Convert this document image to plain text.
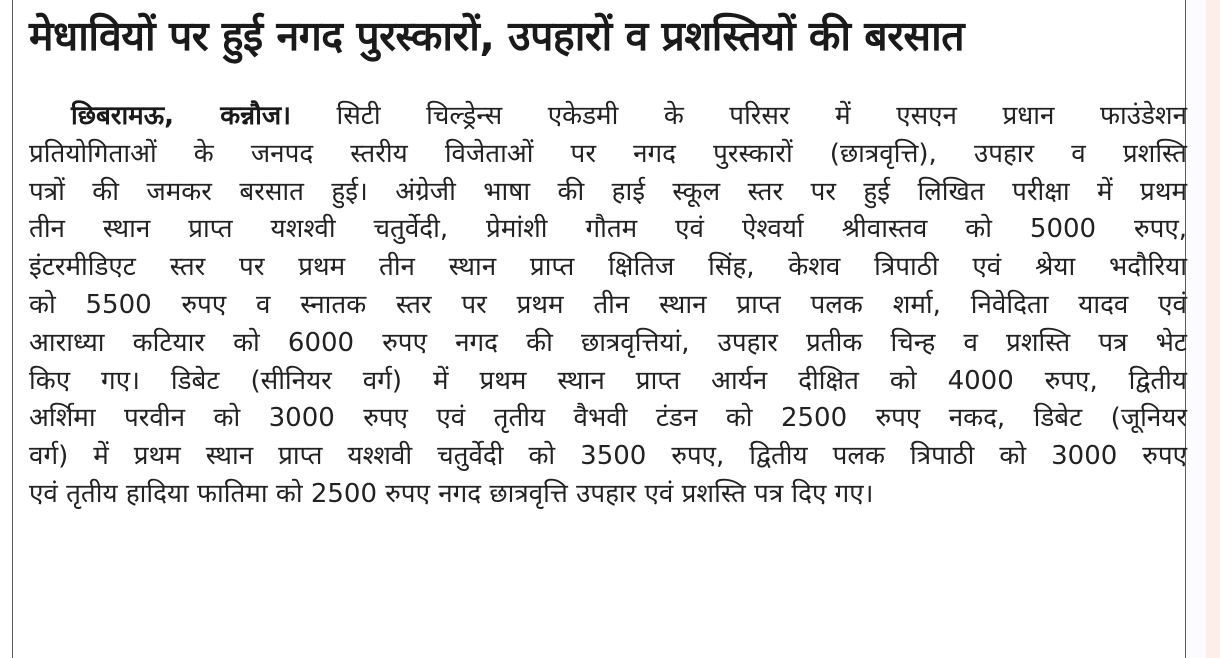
मेधावियों पर हुई नगद पुरस्कारों, उपहारों व प्रशस्तियों की बरसात
छिबरामऊ, कन्नौज। सिटी चिल्ड्रेन्स एकेडमी के परिसर में एसएन प्रधान फाउंडेशन
प्रतियोगिताओं के जनपद स्तरीय विजेताओं पर नगद पुरस्कारों (छात्रवृत्ति), उपहार व प्रशस्ति
पत्रों की जमकर बरसात हुई। अंग्रेजी भाषा की हाई स्कूल स्तर पर हुई लिखित परीक्षा में प्रथम
तीन स्थान प्राप्त यशश्वी चतुर्वेदी, प्रेमांशी गौतम एवं ऐश्वर्या श्रीवास्तव को 5000 रुपए,
इंटरमीडिएट स्तर पर प्रथम तीन स्थान प्राप्त क्षितिज सिंह, केशव त्रिपाठी एवं श्रेया भदौरिया
को 5500 रुपए व स्नातक स्तर पर प्रथम तीन स्थान प्राप्त पलक शर्मा, निवेदिता यादव एवं
आराध्या कटियार को 6000 रुपए नगद की छात्रवृत्तियां, उपहार प्रतीक चिन्ह व प्रशस्ति पत्र भेट
किए गए। डिबेट (सीनियर वर्ग) में प्रथम स्थान प्राप्त आर्यन दीक्षित को 4000 रुपए, द्वितीय
अर्शिमा परवीन को 3000 रुपए एवं तृतीय वैभवी टंडन को 2500 रुपए नकद, डिबेट (जूनियर
वर्ग) में प्रथम स्थान प्राप्त यश्शवी चतुर्वेदी को 3500 रुपए, द्वितीय पलक त्रिपाठी को 3000 रुपए
एवं तृतीय हादिया फातिमा को 2500 रुपए नगद छात्रवृत्ति उपहार एवं प्रशस्ति पत्र दिए गए।
